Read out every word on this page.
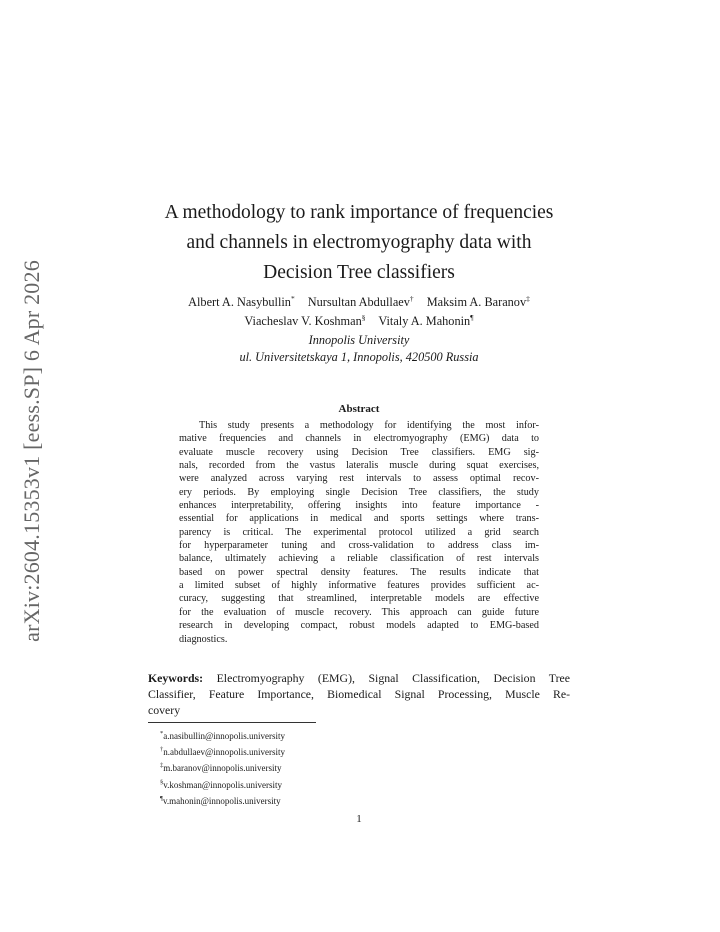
arXiv:2604.15353v1 [eess.SP] 6 Apr 2026
A methodology to rank importance of frequencies
and channels in electromyography data with
Decision Tree classifiers
Albert A. Nasybullin* Nursultan Abdullaev† Maksim A. Baranov‡
Viacheslav V. Koshman§ Vitaly A. Mahonin¶
Innopolis University
ul. Universitetskaya 1, Innopolis, 420500 Russia
Abstract
This study presents a methodology for identifying the most infor-
mative frequencies and channels in electromyography (EMG) data to
evaluate muscle recovery using Decision Tree classifiers. EMG sig-
nals, recorded from the vastus lateralis muscle during squat exercises,
were analyzed across varying rest intervals to assess optimal recov-
ery periods. By employing single Decision Tree classifiers, the study
enhances interpretability, offering insights into feature importance -
essential for applications in medical and sports settings where trans-
parency is critical. The experimental protocol utilized a grid search
for hyperparameter tuning and cross-validation to address class im-
balance, ultimately achieving a reliable classification of rest intervals
based on power spectral density features. The results indicate that
a limited subset of highly informative features provides sufficient ac-
curacy, suggesting that streamlined, interpretable models are effective
for the evaluation of muscle recovery. This approach can guide future
research in developing compact, robust models adapted to EMG-based
diagnostics.
Keywords: Electromyography (EMG), Signal Classification, Decision Tree
Classifier, Feature Importance, Biomedical Signal Processing, Muscle Re-
covery
*a.nasibullin@innopolis.university
†n.abdullaev@innopolis.university
‡m.baranov@innopolis.university
§v.koshman@innopolis.university
¶v.mahonin@innopolis.university
1
